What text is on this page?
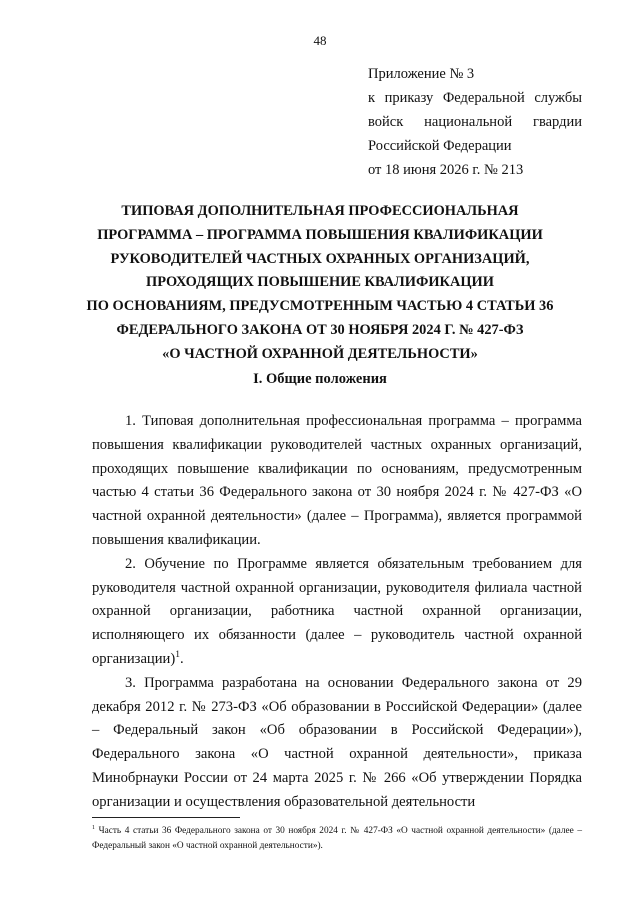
48
Приложение № 3
к приказу Федеральной службы
войск национальной гвардии
Российской Федерации
от 18 июня 2026 г. № 213
ТИПОВАЯ ДОПОЛНИТЕЛЬНАЯ ПРОФЕССИОНАЛЬНАЯ
ПРОГРАММА – ПРОГРАММА ПОВЫШЕНИЯ КВАЛИФИКАЦИИ
РУКОВОДИТЕЛЕЙ ЧАСТНЫХ ОХРАННЫХ ОРГАНИЗАЦИЙ,
ПРОХОДЯЩИХ ПОВЫШЕНИЕ КВАЛИФИКАЦИИ
ПО ОСНОВАНИЯМ, ПРЕДУСМОТРЕННЫМ ЧАСТЬЮ 4 СТАТЬИ 36
ФЕДЕРАЛЬНОГО ЗАКОНА ОТ 30 НОЯБРЯ 2024 Г. № 427-ФЗ
«О ЧАСТНОЙ ОХРАННОЙ ДЕЯТЕЛЬНОСТИ»
I. Общие положения

1. Типовая дополнительная профессиональная программа – программа повышения квалификации руководителей частных охранных организаций, проходящих повышение квалификации по основаниям, предусмотренным частью 4 статьи 36 Федерального закона от 30 ноября 2024 г. № 427-ФЗ «О частной охранной деятельности» (далее – Программа), является программой повышения квалификации.

2. Обучение по Программе является обязательным требованием для руководителя частной охранной организации, руководителя филиала частной охранной организации, работника частной охранной организации, исполняющего их обязанности (далее – руководитель частной охранной организации)$^1$.

3. Программа разработана на основании Федерального закона от 29 декабря 2012 г. № 273-ФЗ «Об образовании в Российской Федерации» (далее – Федеральный закон «Об образовании в Российской Федерации»), Федерального закона «О частной охранной деятельности», приказа Минобрнауки России от 24 марта 2025 г. № 266 «Об утверждении Порядка организации и осуществления образовательной деятельности

$^1$ Часть 4 статьи 36 Федерального закона от 30 ноября 2024 г. № 427-ФЗ «О частной охранной деятельности» (далее – Федеральный закон «О частной охранной деятельности»).
